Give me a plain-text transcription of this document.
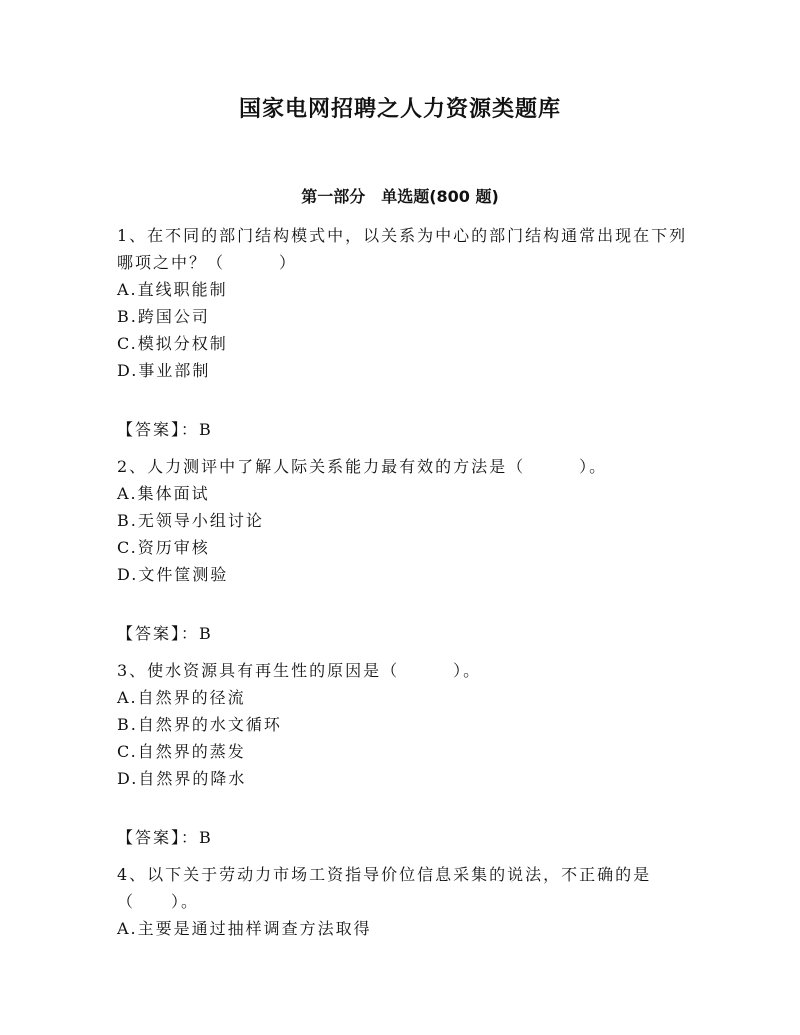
国家电网招聘之人力资源类题库
第一部分　单选题(800 题)

1、在不同的部门结构模式中，以关系为中心的部门结构通常出现在下列哪项之中？（　　　）

A.直线职能制
B.跨国公司
C.模拟分权制
D.事业部制
【答案】：B

2、人力测评中了解人际关系能力最有效的方法是（　　　）。

A.集体面试
B.无领导小组讨论
C.资历审核
D.文件筐测验
【答案】：B

3、使水资源具有再生性的原因是（　　　）。

A.自然界的径流
B.自然界的水文循环
C.自然界的蒸发
D.自然界的降水
【答案】：B

4、以下关于劳动力市场工资指导价位信息采集的说法，不正确的是（　　）。

A.主要是通过抽样调查方法取得
